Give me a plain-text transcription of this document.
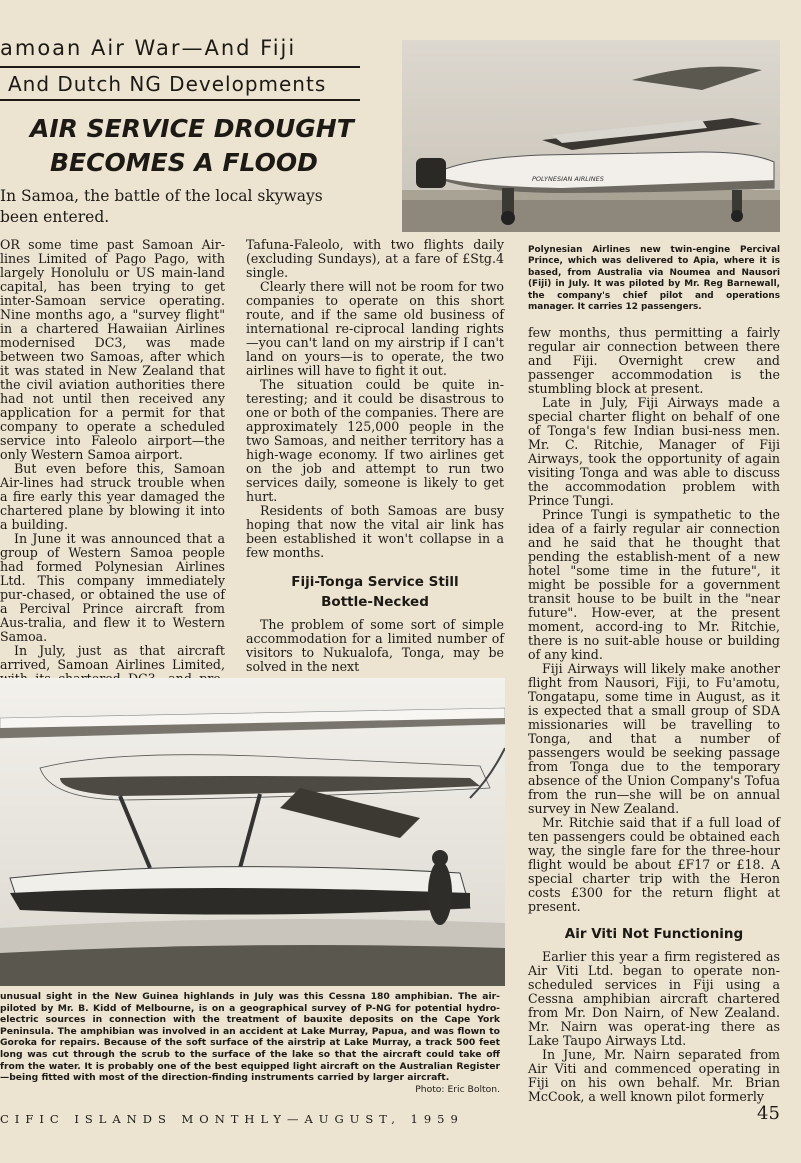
amoan Air War—And Fiji
And Dutch NG Developments
AIR SERVICE DROUGHT
BECOMES A FLOOD
In Samoa, the battle of the local skyways
been entered.
POLYNESIAN AIRLINES
Polynesian Airlines new twin-engine Percival Prince, which was delivered to Apia, where it is based, from Australia via Noumea and Nausori (Fiji) in July. It was piloted by Mr. Reg Barnewall, the company's chief pilot and operations manager. It carries 12 passengers.

OR some time past Samoan Air-lines Limited of Pago Pago, with largely Honolulu or US main-land capital, has been trying to get inter-Samoan service operating. Nine months ago, a "survey flight" in a chartered Hawaiian Airlines modernised DC3, was made between two Samoas, after which it was stated in New Zealand that the civil aviation authorities there had not until then received any application for a permit for that company to operate a scheduled service into Faleolo airport—the only Western Samoa airport.

But even before this, Samoan Air-lines had struck trouble when a fire early this year damaged the chartered plane by blowing it into a building.

In June it was announced that a group of Western Samoa people had formed Polynesian Airlines Ltd. This company immediately pur-chased, or obtained the use of a Percival Prince aircraft from Aus-tralia, and flew it to Western Samoa.

In July, just as that aircraft arrived, Samoan Airlines Limited,

Tafuna-Faleolo, with two flights daily (excluding Sundays), at a fare of £Stg.4 single.

Clearly there will not be room for two companies to operate on this short route, and if the same old business of international re-ciprocal landing rights—you can't land on my airstrip if I can't land on yours—is to operate, the two airlines will have to fight it out.

The situation could be quite in-teresting; and it could be disastrous to one or both of the companies. There are approximately 125,000 people in the two Samoas, and neither territory has a high-wage economy. If two airlines get on the job and attempt to run two services daily, someone is likely to get hurt.

Residents of both Samoas are busy hoping that now the vital air link has been established it won't collapse in a few months.

Fiji-Tonga Service Still
Bottle-Necked

The problem of some sort of simple accommodation for a limited number of visitors to Nukualofa, Tonga, may be solved in the next

few months, thus permitting a fairly regular air connection between there and Fiji. Overnight crew and passenger accommodation is the stumbling block at present.

Late in July, Fiji Airways made a special charter flight on behalf of one of Tonga's few Indian busi-ness men. Mr. C. Ritchie, Manager of Fiji Airways, took the opportunity of again visiting Tonga and was able to discuss the accommodation problem with Prince Tungi.

Prince Tungi is sympathetic to the idea of a fairly regular air connection and he said that he thought that pending the establish-ment of a new hotel "some time in the future", it might be possible for a government transit house to be built in the "near future". How-ever, at the present moment, accord-ing to Mr. Ritchie, there is no suit-able house or building of any kind.

Fiji Airways will likely make another flight from Nausori, Fiji, to Fu'amotu, Tongatapu, some time in August, as it is expected that a small group of SDA missionaries will be travelling to Tonga, and that a number of passengers would be seeking passage from Tonga due to the temporary absence of the Union Company's Tofua from the run—she will be on annual survey in New Zealand.

Mr. Ritchie said that if a full load of ten passengers could be obtained each way, the single fare for the three-hour flight would be about £F17 or £18. A special charter trip with the Heron costs £300 for the return flight at present.

Air Viti Not Functioning

Earlier this year a firm registered as Air Viti Ltd. began to operate non-scheduled services in Fiji using a Cessna amphibian aircraft chartered from Mr. Don Nairn, of New Zealand. Mr. Nairn was operat-ing there as Lake Taupo Airways Ltd.

In June, Mr. Nairn separated from Air Viti and commenced operating in Fiji on his own behalf. Mr. Brian McCook, a well known pilot formerly

unusual sight in the New Guinea highlands in July was this Cessna 180 amphibian. The air-piloted by Mr. B. Kidd of Melbourne, is on a geographical survey of P-NG for potential hydro-electric sources in connection with the treatment of bauxite deposits on the Cape York Peninsula. The amphibian was involved in an accident at Lake Murray, Papua, and was flown to Goroka for repairs. Because of the soft surface of the airstrip at Lake Murray, a track 500 feet long was cut through the scrub to the surface of the lake so that the aircraft could take off from the water. It is probably one of the best equipped light aircraft on the Australian Register—being fitted with most of the direction-finding instruments carried by larger aircraft.
Photo: Eric Bolton.
CIFIC ISLANDS MONTHLY—AUGUST, 1959	45
